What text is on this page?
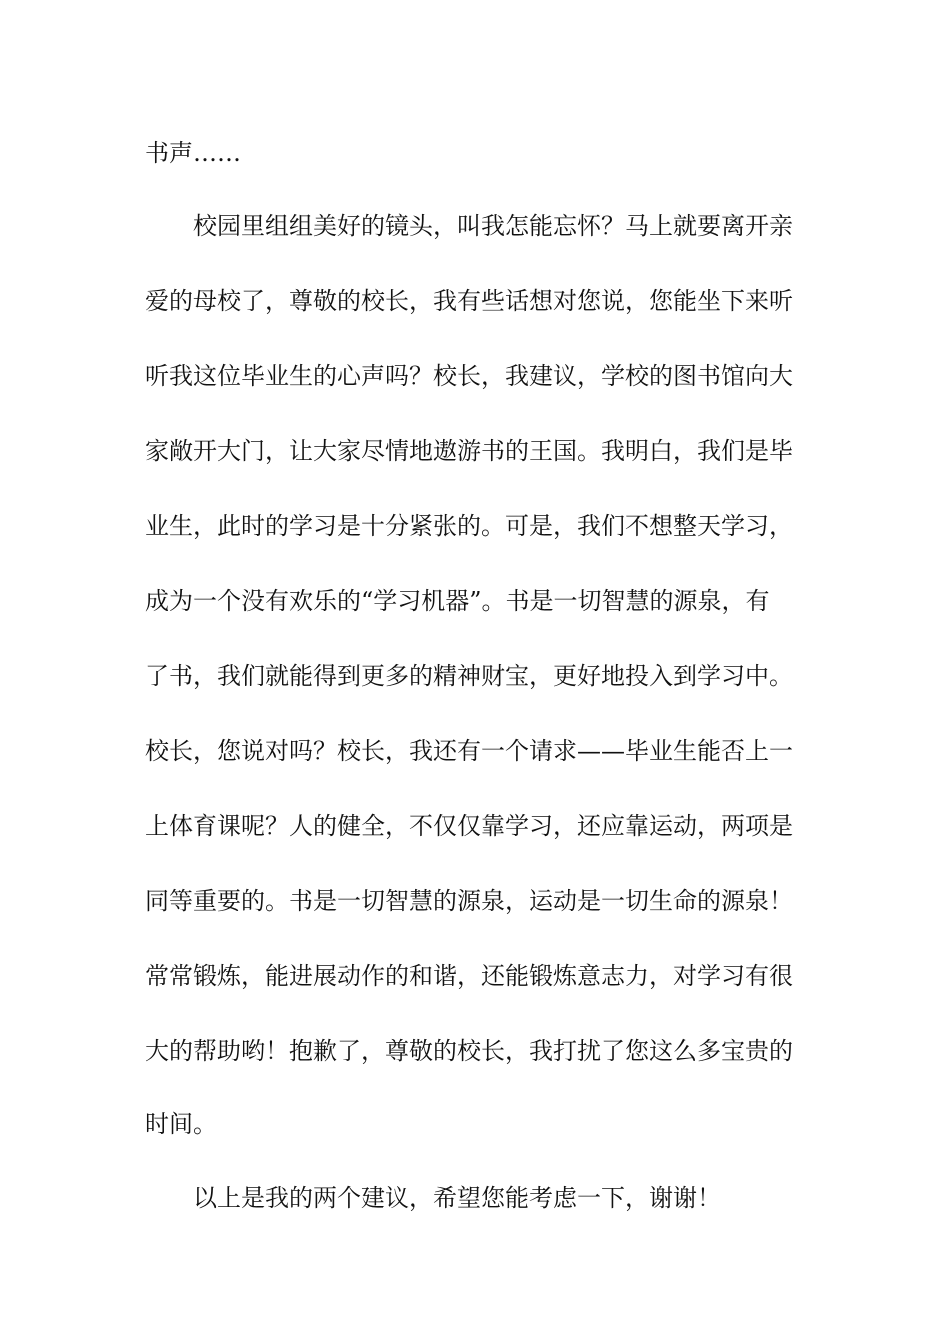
书声……

校园里组组美好的镜头，叫我怎能忘怀？马上就要离开亲

爱的母校了，尊敬的校长，我有些话想对您说，您能坐下来听

听我这位毕业生的心声吗？校长，我建议，学校的图书馆向大

家敞开大门，让大家尽情地遨游书的王国。我明白，我们是毕

业生，此时的学习是十分紧张的。可是，我们不想整天学习，

成为一个没有欢乐的“学习机器”。书是一切智慧的源泉，有

了书，我们就能得到更多的精神财宝，更好地投入到学习中。

校长，您说对吗？校长，我还有一个请求——毕业生能否上一

上体育课呢？人的健全，不仅仅靠学习，还应靠运动，两项是

同等重要的。书是一切智慧的源泉，运动是一切生命的源泉！

常常锻炼，能进展动作的和谐，还能锻炼意志力，对学习有很

大的帮助哟！抱歉了，尊敬的校长，我打扰了您这么多宝贵的

时间。

以上是我的两个建议，希望您能考虑一下，谢谢！
